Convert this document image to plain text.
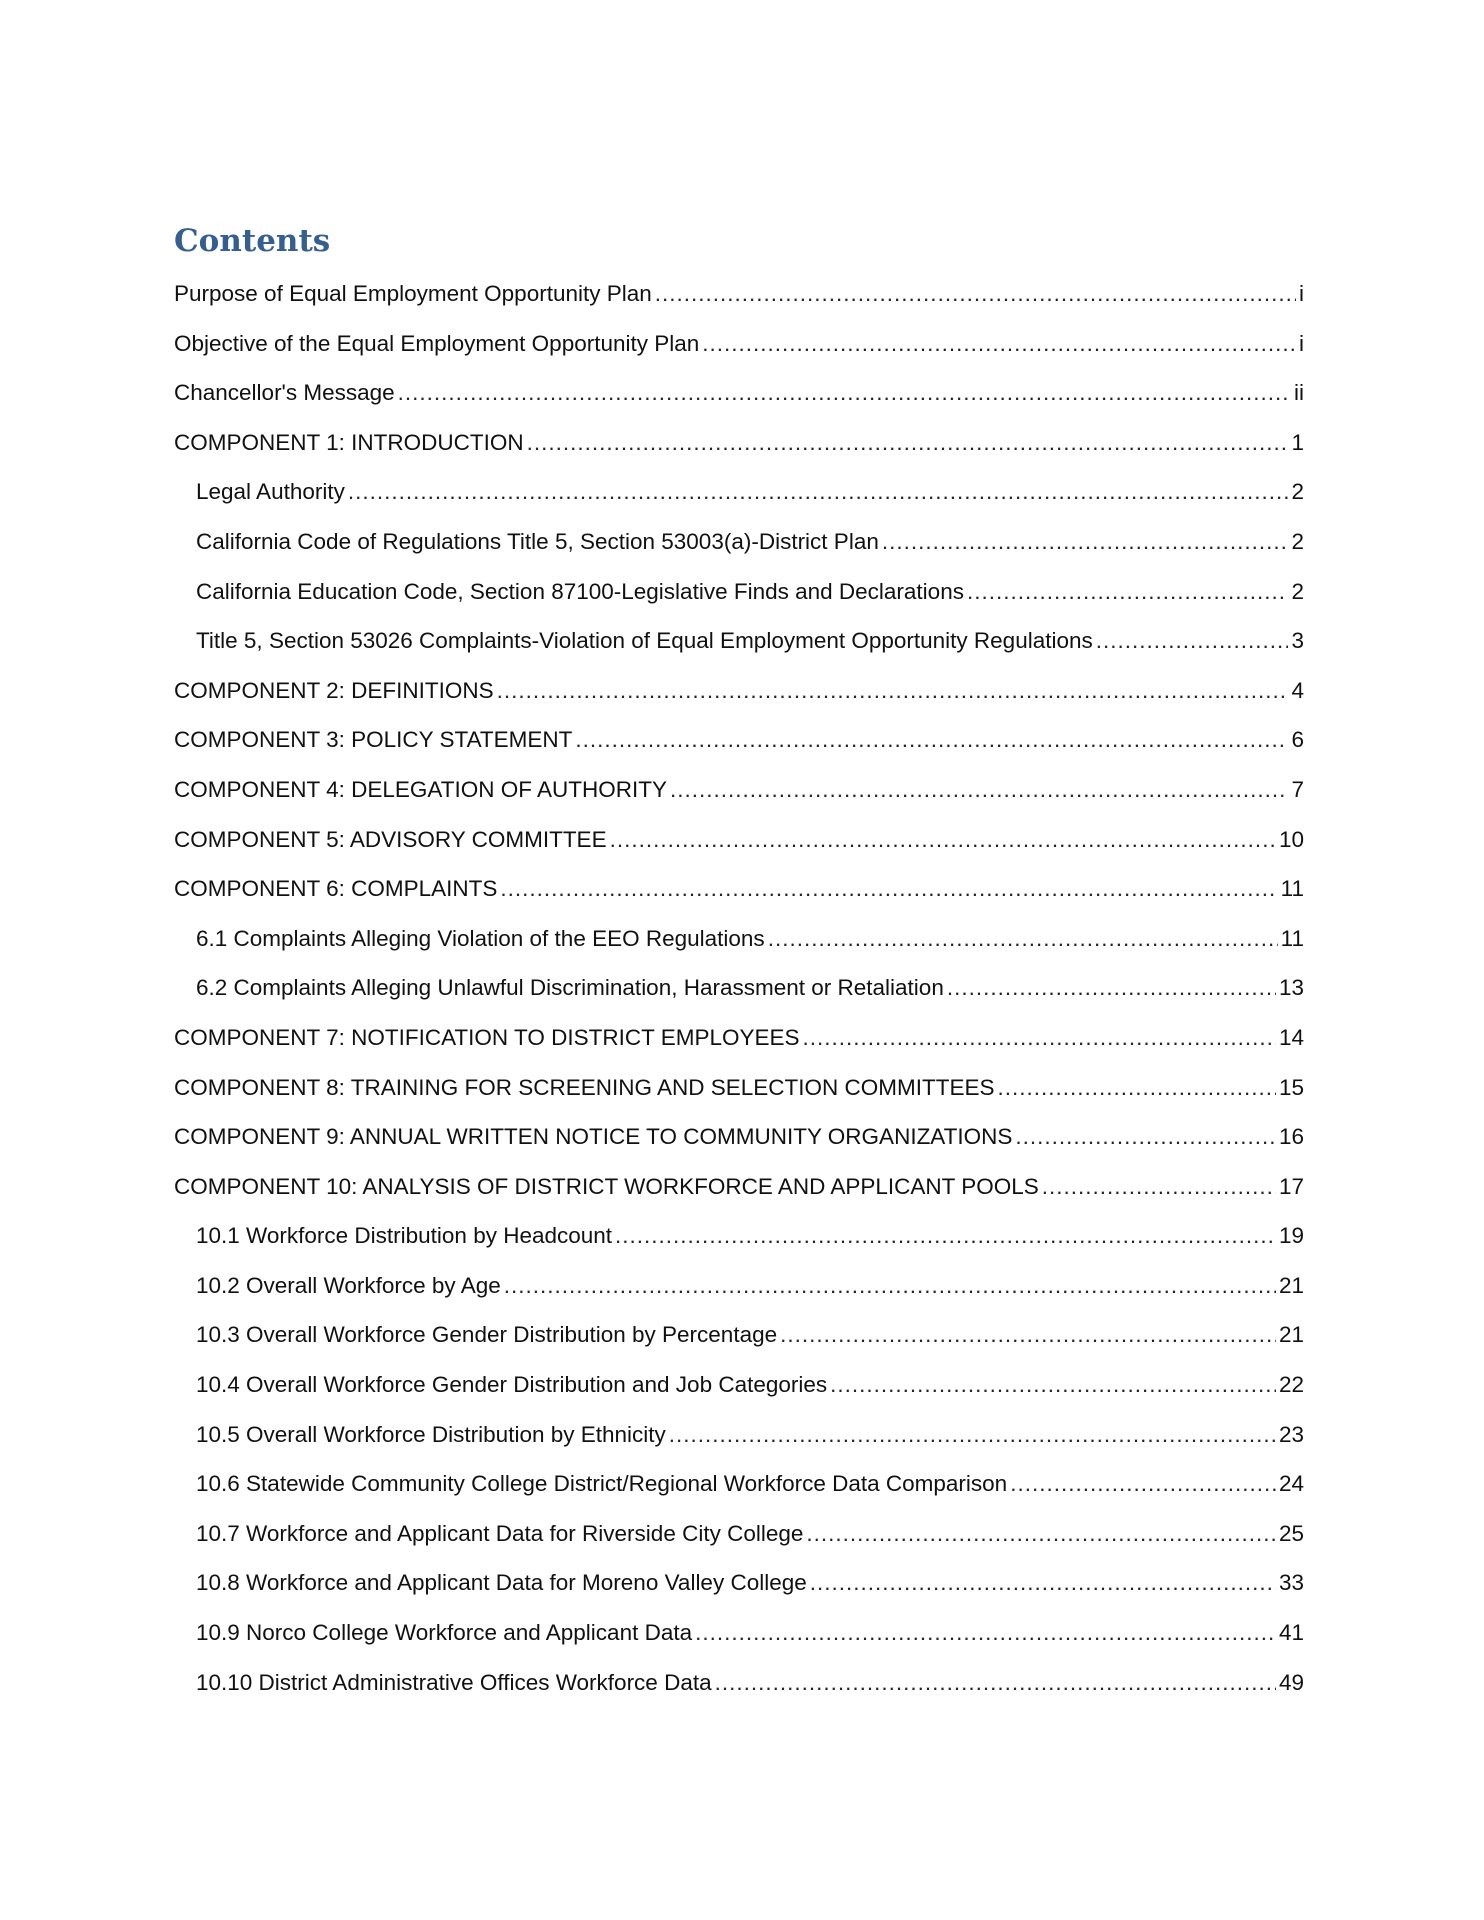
Contents
Purpose of Equal Employment Opportunity Plan .....	i
Objective of the Equal Employment Opportunity Plan .....	i
Chancellor's Message .....	ii
COMPONENT 1: INTRODUCTION .....	1
Legal Authority .....	2
California Code of Regulations Title 5, Section 53003(a)-District Plan .....	2
California Education Code, Section 87100-Legislative Finds and Declarations .....	2
Title 5, Section 53026 Complaints-Violation of Equal Employment Opportunity Regulations .....	3
COMPONENT 2: DEFINITIONS .....	4
COMPONENT 3: POLICY STATEMENT .....	6
COMPONENT 4: DELEGATION OF AUTHORITY .....	7
COMPONENT 5: ADVISORY COMMITTEE .....	10
COMPONENT 6: COMPLAINTS .....	11
6.1 Complaints Alleging Violation of the EEO Regulations .....	11
6.2 Complaints Alleging Unlawful Discrimination, Harassment or Retaliation .....	13
COMPONENT 7: NOTIFICATION TO DISTRICT EMPLOYEES .....	14
COMPONENT 8: TRAINING FOR SCREENING AND SELECTION COMMITTEES .....	15
COMPONENT 9: ANNUAL WRITTEN NOTICE TO COMMUNITY ORGANIZATIONS .....	16
COMPONENT 10: ANALYSIS OF DISTRICT WORKFORCE AND APPLICANT POOLS .....	17
10.1 Workforce Distribution by Headcount .....	19
10.2 Overall Workforce by Age .....	21
10.3 Overall Workforce Gender Distribution by Percentage .....	21
10.4 Overall Workforce Gender Distribution and Job Categories .....	22
10.5 Overall Workforce Distribution by Ethnicity .....	23
10.6 Statewide Community College District/Regional Workforce Data Comparison .....	24
10.7 Workforce and Applicant Data for Riverside City College .....	25
10.8 Workforce and Applicant Data for Moreno Valley College .....	33
10.9 Norco College Workforce and Applicant Data .....	41
10.10 District Administrative Offices Workforce Data .....	49
